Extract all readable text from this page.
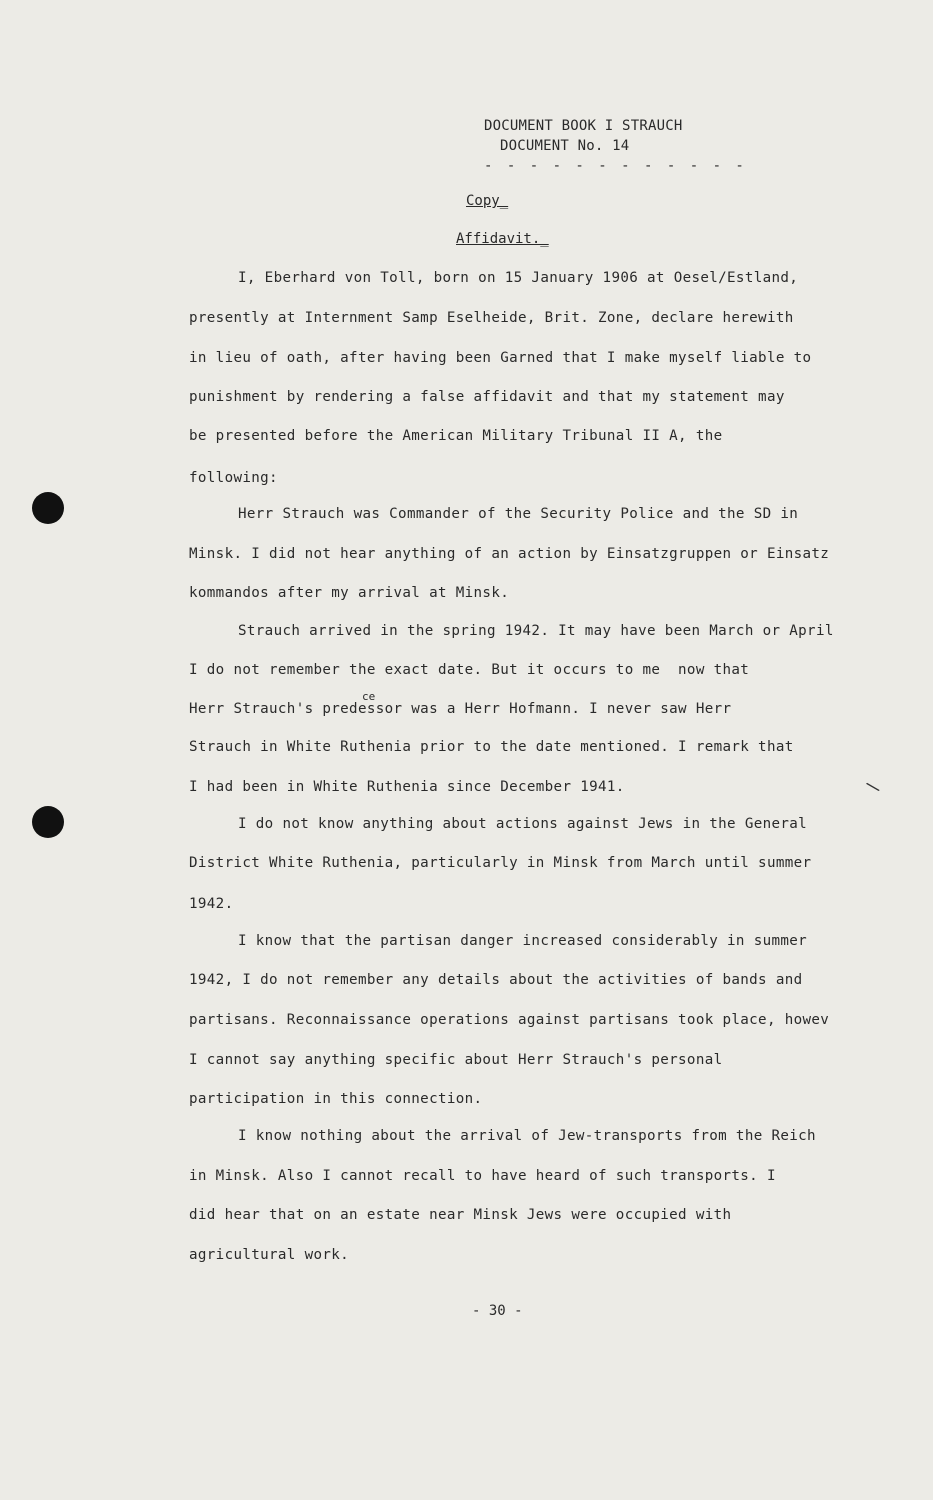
DOCUMENT BOOK I STRAUCH
DOCUMENT No. 14
- - - - - - - - - - - -
Copy_
Affidavit._
I, Eberhard von Toll, born on 15 January 1906 at Oesel/Estland,
presently at Internment Samp Eselheide, Brit. Zone, declare herewith
in lieu of oath, after having been Garned that I make myself liable to
punishment by rendering a false affidavit and that my statement may
be presented before the American Military Tribunal II A, the
following:
Herr Strauch was Commander of the Security Police and the SD in
Minsk. I did not hear anything of an action by Einsatzgruppen or Einsatz
kommandos after my arrival at Minsk.
Strauch arrived in the spring 1942. It may have been March or April
I do not remember the exact date. But it occurs to me  now that
ce
Herr Strauch's predessor was a Herr Hofmann. I never saw Herr
Strauch in White Ruthenia prior to the date mentioned. I remark that
I had been in White Ruthenia since December 1941.
I do not know anything about actions against Jews in the General
District White Ruthenia, particularly in Minsk from March until summer
1942.
I know that the partisan danger increased considerably in summer
1942, I do not remember any details about the activities of bands and
partisans. Reconnaissance operations against partisans took place, howev
I cannot say anything specific about Herr Strauch's personal
participation in this connection.
I know nothing about the arrival of Jew-transports from the Reich
in Minsk. Also I cannot recall to have heard of such transports. I
did hear that on an estate near Minsk Jews were occupied with
agricultural work.
\
- 30 -
